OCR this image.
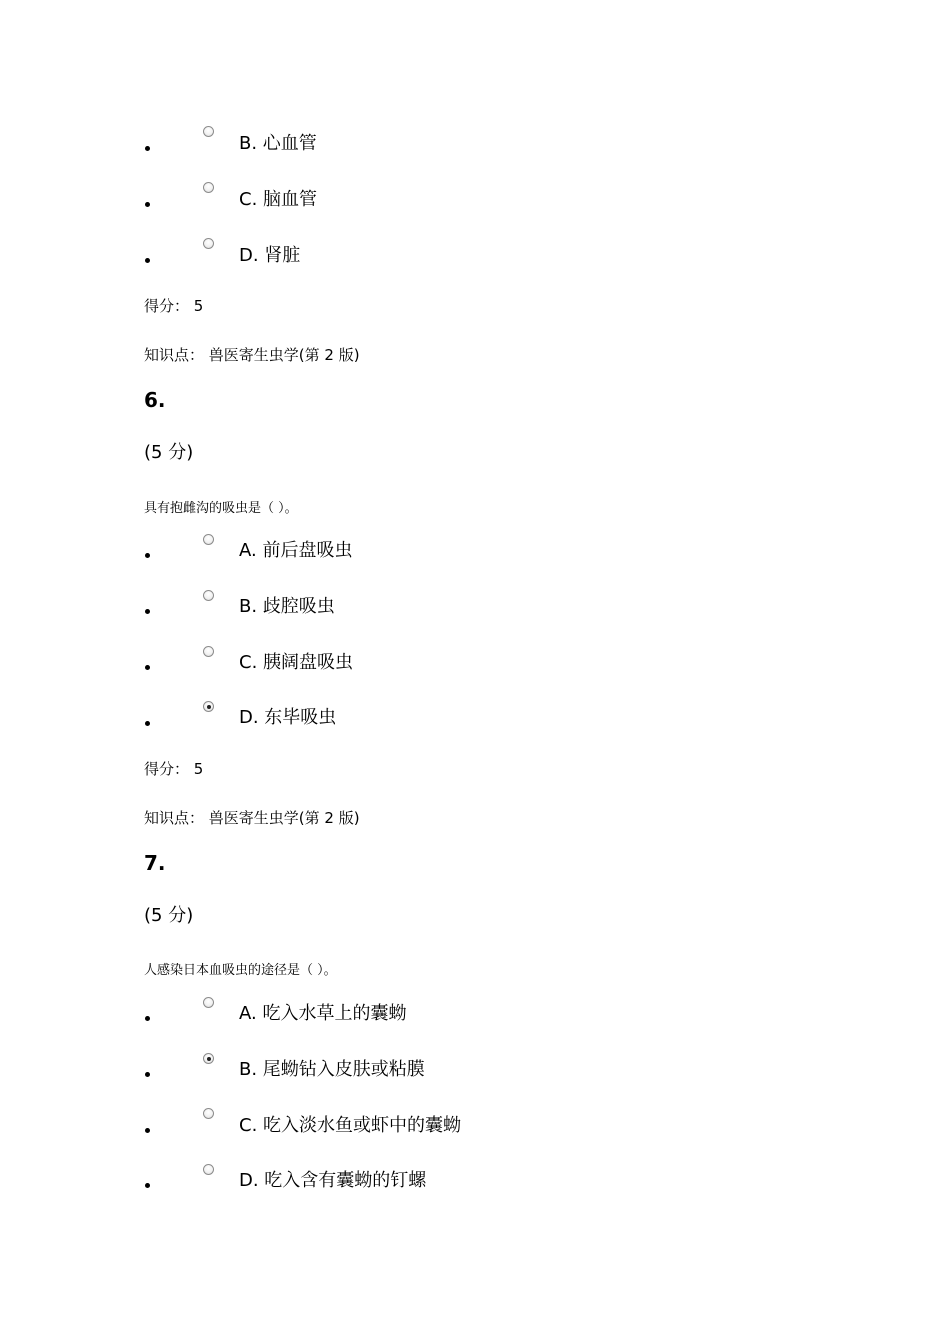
B. 心血管
C. 脑血管
D. 肾脏
得分： 5
知识点： 兽医寄生虫学(第 2 版)
6.
(5 分)
具有抱雌沟的吸虫是（ ）。
A. 前后盘吸虫
B. 歧腔吸虫
C. 胰阔盘吸虫
D. 东毕吸虫
得分： 5
知识点： 兽医寄生虫学(第 2 版)
7.
(5 分)
人感染日本血吸虫的途径是（ ）。
A. 吃入水草上的囊蚴
B. 尾蚴钻入皮肤或粘膜
C. 吃入淡水鱼或虾中的囊蚴
D. 吃入含有囊蚴的钉螺
